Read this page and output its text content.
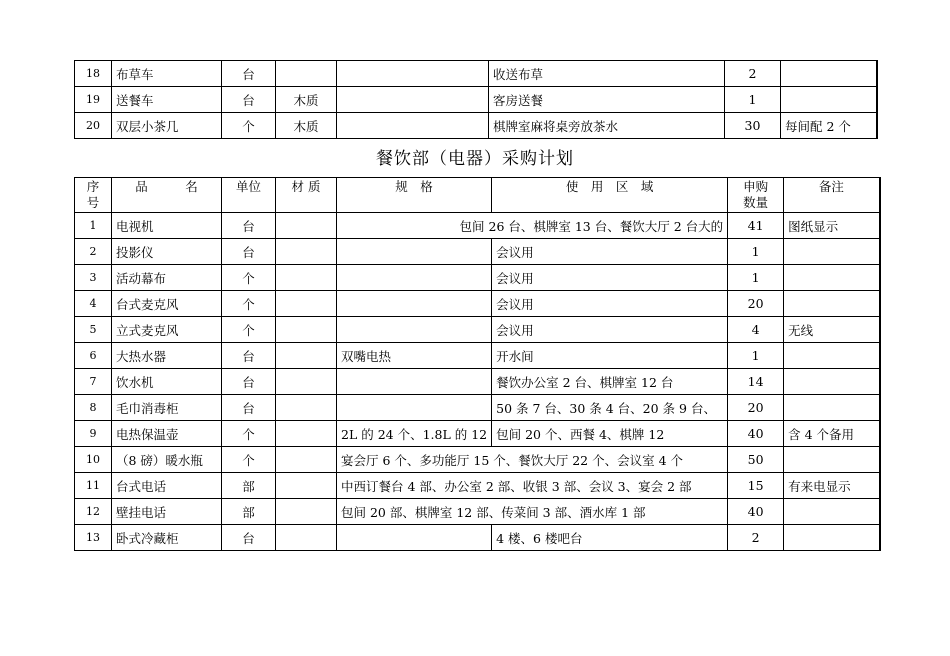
18	布草车	台			收送布草	2	
19	送餐车	台	木质		客房送餐	1	
20	双层小茶几	个	木质		棋牌室麻将桌旁放茶水	30	每间配 2 个
餐饮部（电器）采购计划
序号	品　　　名	单位	材 质	规　格	使　用　区　域	申购数量	备注
1	电视机	台		包间 26 台、棋牌室 13 台、餐饮大厅 2 台大的		41	图纸显示
2	投影仪	台			会议用	1	
3	活动幕布	个			会议用	1	
4	台式麦克风	个			会议用	20	
5	立式麦克风	个			会议用	4	无线
6	大热水器	台		双嘴电热	开水间	1	
7	饮水机	台			餐饮办公室 2 台、棋牌室 12 台	14	
8	毛巾消毒柜	台			50 条 7 台、30 条 4 台、20 条 9 台、	20	
9	电热保温壶	个		2L 的 24 个、1.8L 的 12	包间 20 个、西餐 4、棋牌 12	40	含 4 个备用
10	（8 磅）暖水瓶	个		宴会厅 6 个、多功能厅 15 个、餐饮大厅 22 个、会议室 4 个		50	
11	台式电话	部		中西订餐台 4 部、办公室 2 部、收银 3 部、会议 3、宴会 2 部		15	有来电显示
12	壁挂电话	部		包间 20 部、棋牌室 12 部、传菜间 3 部、酒水库 1 部		40	
13	卧式冷藏柜	台			4 楼、6 楼吧台	2	
